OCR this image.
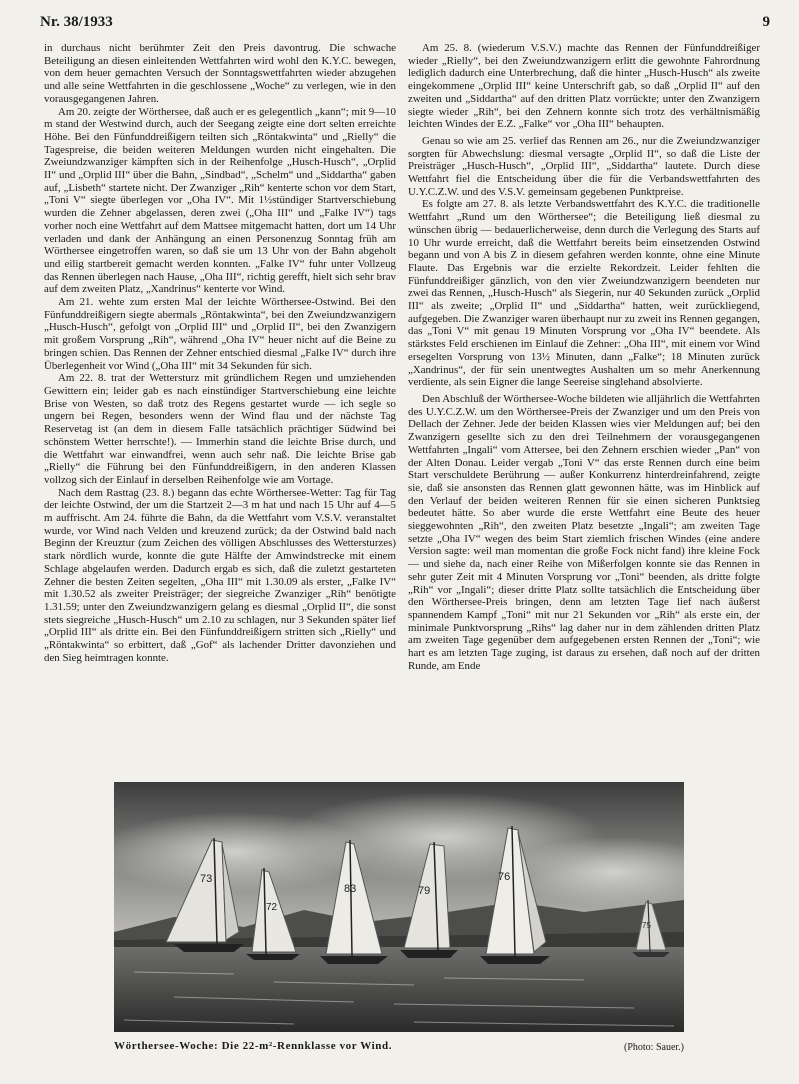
Nr. 38/1933	9

in durchaus nicht berühmter Zeit den Preis davontrug. Die schwache Beteiligung an diesen einleitenden Wettfahrten wird wohl den K.Y.C. bewegen, von dem heuer gemachten Versuch der Sonntagswettfahrten wieder abzugehen und alle seine Wettfahrten in die geschlossene „Woche“ zu verlegen, wie in den vorausgegangenen Jahren.

Am 20. zeigte der Wörthersee, daß auch er es gelegentlich „kann“; mit 9—10 m stand der Westwind durch, auch der Seegang zeigte eine dort selten erreichte Höhe. Bei den Fünfunddreißigern teilten sich „Röntakwinta“ und „Rielly“ die Tagespreise, die beiden weiteren Meldungen wurden nicht eingehalten. Die Zweiundzwanziger kämpften sich in der Reihenfolge „Husch-Husch“, „Orplid II“ und „Orplid III“ über die Bahn, „Sindbad“, „Schelm“ und „Siddartha“ gaben auf, „Lisbeth“ startete nicht. Der Zwanziger „Rih“ kenterte schon vor dem Start, „Toni V“ siegte überlegen vor „Oha IV“. Mit 1½stündiger Startverschiebung wurden die Zehner abgelassen, deren zwei („Oha III“ und „Falke IV“) tags vorher noch eine Wettfahrt auf dem Mattsee mitgemacht hatten, dort um 14 Uhr verladen und dank der Anhängung an einen Personenzug Sonntag früh am Wörthersee eingetroffen waren, so daß sie um 13 Uhr von der Bahn abgeholt und eilig startbereit gemacht werden konnten. „Falke IV“ fuhr unter Vollzeug das Rennen überlegen nach Hause, „Oha III“, richtig gerefft, hielt sich sehr brav auf dem zweiten Platz, „Xandrinus“ kenterte vor Wind.

Am 21. wehte zum ersten Mal der leichte Wörthersee-Ostwind. Bei den Fünfunddreißigern siegte abermals „Röntakwinta“, bei den Zweiundzwanzigern „Husch-Husch“, gefolgt von „Orplid III“ und „Orplid II“, bei den Zwanzigern mit großem Vorsprung „Rih“, während „Oha IV“ heuer nicht auf die Beine zu bringen schien. Das Rennen der Zehner entschied diesmal „Falke IV“ durch ihre Überlegenheit vor Wind („Oha III“ mit 34 Sekunden für sich.

Am 22. 8. trat der Wettersturz mit gründlichem Regen und umziehenden Gewittern ein; leider gab es nach einstündiger Startverschiebung eine leichte Brise von Westen, so daß trotz des Regens gestartet wurde — ich segle so ungern bei Regen, besonders wenn der Wind flau und der nächste Tag Reservetag ist (an dem in diesem Falle tatsächlich prächtiger Südwind bei schönstem Wetter herrschte!). — Immerhin stand die leichte Brise durch, und die Wettfahrt war einwandfrei, wenn auch sehr naß. Die leichte Brise gab „Rielly“ die Führung bei den Fünfunddreißigern, in den anderen Klassen vollzog sich der Einlauf in derselben Reihenfolge wie am Vortage.

Nach dem Rasttag (23. 8.) begann das echte Wörthersee-Wetter: Tag für Tag der leichte Ostwind, der um die Startzeit 2—3 m hat und nach 15 Uhr auf 4—5 m auffrischt. Am 24. führte die Bahn, da die Wettfahrt vom V.S.V. veranstaltet wurde, vor Wind nach Velden und kreuzend zurück; da der Ostwind bald nach Beginn der Kreuztur (zum Zeichen des völligen Abschlusses des Wettersturzes) stark nördlich wurde, konnte die gute Hälfte der Amwindstrecke mit einem Schlage abgelaufen werden. Dadurch ergab es sich, daß die zuletzt gestarteten Zehner die besten Zeiten segelten, „Oha III“ mit 1.30.09 als erster, „Falke IV“ mit 1.30.52 als zweiter Preisträger; der siegreiche Zwanziger „Rih“ benötigte 1.31.59; unter den Zweiundzwanzigern gelang es diesmal „Orplid II“, die sonst stets siegreiche „Husch-Husch“ um 2.10 zu schlagen, nur 3 Sekunden später lief „Orplid III“ als dritte ein. Bei den Fünfunddreißigern stritten sich „Rielly“ und „Röntakwinta“ so erbittert, daß „Gof“ als lachender Dritter davonziehen und den Sieg heimtragen konnte.

Am 25. 8. (wiederum V.S.V.) machte das Rennen der Fünfunddreißiger wieder „Rielly“, bei den Zweiundzwanzigern erlitt die gewohnte Fahrordnung lediglich dadurch eine Unterbrechung, daß die hinter „Husch-Husch“ als zweite eingekommene „Orplid III“ keine Unterschrift gab, so daß „Orplid II“ auf den zweiten und „Siddartha“ auf den dritten Platz vorrückte; unter den Zwanzigern siegte wieder „Rih“, bei den Zehnern konnte sich trotz des verhältnismäßig leichten Windes der E.Z. „Falke“ vor „Oha III“ behaupten.

Genau so wie am 25. verlief das Rennen am 26., nur die Zweiundzwanziger sorgten für Abwechslung: diesmal versagte „Orplid II“, so daß die Liste der Preisträger „Husch-Husch“, „Orplid III“, „Siddartha“ lautete. Durch diese Wettfahrt fiel die Entscheidung über die für die Verbandswettfahrten des U.Y.C.Z.W. und des V.S.V. gemeinsam gegebenen Punktpreise.

Es folgte am 27. 8. als letzte Verbandswettfahrt des K.Y.C. die traditionelle Wettfahrt „Rund um den Wörthersee“; die Beteiligung ließ diesmal zu wünschen übrig — bedauerlicherweise, denn durch die Verlegung des Starts auf 10 Uhr wurde erreicht, daß die Wettfahrt bereits beim einsetzenden Ostwind begann und von A bis Z in diesem gefahren werden konnte, ohne eine Minute Flaute. Das Ergebnis war die erzielte Rekordzeit. Leider fehlten die Fünfunddreißiger gänzlich, von den vier Zweiundzwanzigern beendeten nur zwei das Rennen, „Husch-Husch“ als Siegerin, nur 40 Sekunden zurück „Orplid III“ als zweite; „Orplid II“ und „Siddartha“ hatten, weit zurückliegend, aufgegeben. Die Zwanziger waren überhaupt nur zu zweit ins Rennen gegangen, das „Toni V“ mit genau 19 Minuten Vorsprung vor „Oha IV“ beendete. Als stärkstes Feld erschienen im Einlauf die Zehner: „Oha III“, mit einem vor Wind ersegelten Vorsprung von 13½ Minuten, dann „Falke“; 18 Minuten zurück „Xandrinus“, der für sein unentwegtes Aushalten um so mehr Anerkennung verdiente, als sein Eigner die lange Seereise singlehand absolvierte.

Den Abschluß der Wörthersee-Woche bildeten wie alljährlich die Wettfahrten des U.Y.C.Z.W. um den Wörthersee-Preis der Zwanziger und um den Preis von Dellach der Zehner. Jede der beiden Klassen wies vier Meldungen auf; bei den Zwanzigern gesellte sich zu den drei Teilnehmern der vorausgegangenen Wettfahrten „Ingali“ vom Attersee, bei den Zehnern erschien wieder „Pan“ von der Alten Donau. Leider vergab „Toni V“ das erste Rennen durch eine beim Start verschuldete Berührung — außer Konkurrenz hinterdreinfahrend, zeigte sie, daß sie ansonsten das Rennen glatt gewonnen hätte, was im Hinblick auf den Verlauf der beiden weiteren Rennen für sie einen sicheren Punktsieg bedeutet hätte. So aber wurde die erste Wettfahrt eine Beute des heuer sieggewohnten „Rih“, den zweiten Platz besetzte „Ingali“; am zweiten Tage setzte „Oha IV“ wegen des beim Start ziemlich frischen Windes (eine andere Version sagte: weil man momentan die große Fock nicht fand) ihre kleine Fock — und siehe da, nach einer Reihe von Mißerfolgen konnte sie das Rennen in sehr guter Zeit mit 4 Minuten Vorsprung vor „Toni“ beenden, als dritte folgte „Rih“ vor „Ingali“; dieser dritte Platz sollte tatsächlich die Entscheidung über den Wörthersee-Preis bringen, denn am letzten Tage lief nach äußerst spannendem Kampf „Toni“ mit nur 21 Sekunden vor „Rih“ als erste ein, der minimale Punktvorsprung „Rihs“ lag daher nur in dem zählenden dritten Platz am zweiten Tage gegenüber dem aufgegebenen ersten Rennen der „Toni“; wie hart es am letzten Tage zuging, ist daraus zu ersehen, daß noch auf der dritten Runde, am Ende

73
72
83	79
76
75
Wörthersee-Woche: Die 22-m²-Rennklasse vor Wind.	(Photo: Sauer.)
